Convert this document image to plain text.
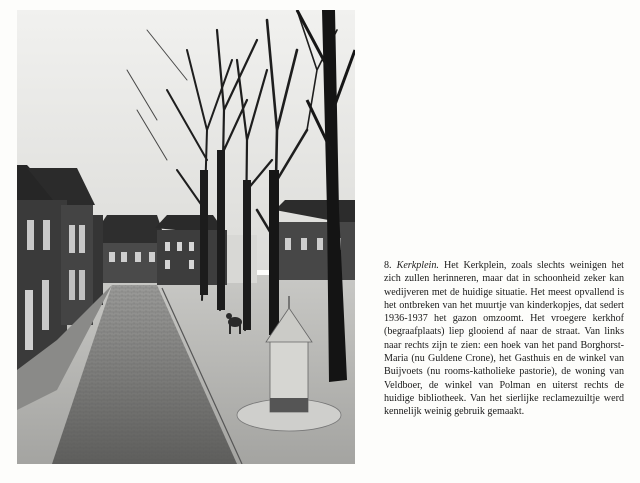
8. Kerkplein. Het Kerkplein, zoals slechts weinigen het zich zullen herinneren, maar dat in schoonheid zeker kan wedijveren met de huidige situatie. Het meest opvallend is het ontbreken van het muurtje van kinderkopjes, dat sedert 1936-1937 het gazon omzoomt. Het vroegere kerkhof (begraafplaats) liep glooiend af naar de straat. Van links naar rechts zijn te zien: een hoek van het pand Borghorst-Maria (nu Guldene Crone), het Gasthuis en de winkel van Buijvoets (nu rooms-katholieke pastorie), de woning van Veldboer, de winkel van Polman en uiterst rechts de huidige bibliotheek. Van het sierlijke reclamezuiltje werd kennelijk weinig gebruik gemaakt.
